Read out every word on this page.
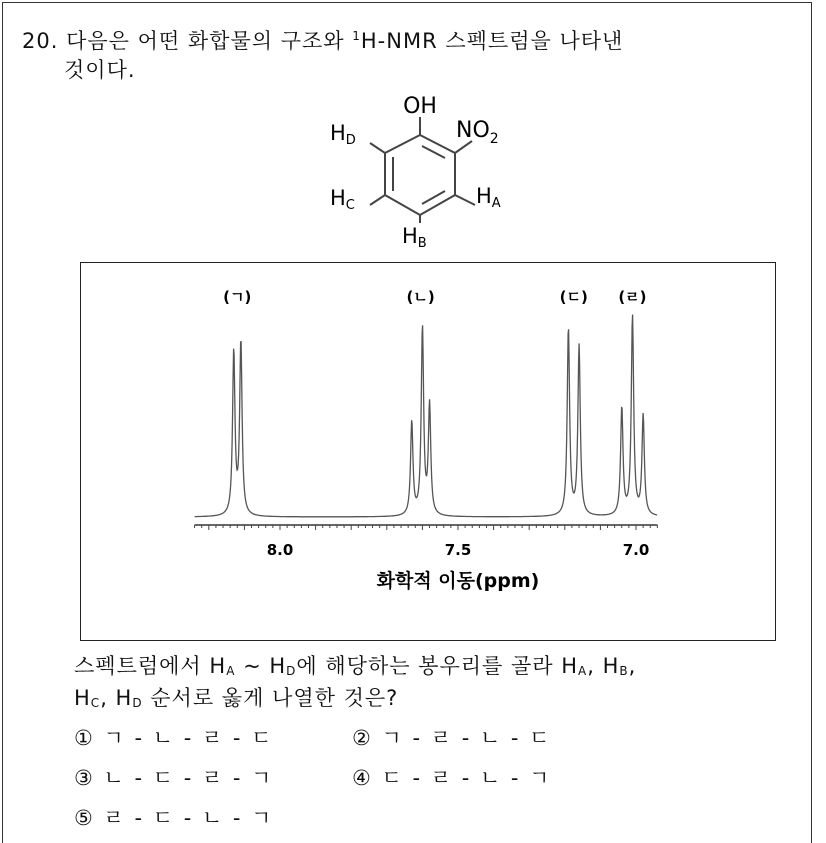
20. 다음은 어떤 화합물의 구조와 $^1$H-NMR 스펙트럼을 나타낸
것이다.
OH
$NO_2$
HA
HB
HC
HD
8.0	7.5	7.0
화학적 이동(ppm)
(ㄱ)	(ㄴ)	(ㄷ) (ㄹ)
스펙트럼에서 HA ~ HD에 해당하는 봉우리를 골라 HA, HB,
HC, HD 순서로 옳게 나열한 것은?
① ㄱ - ㄴ - ㄹ - ㄷ	② ㄱ - ㄹ - ㄴ - ㄷ
③ ㄴ - ㄷ - ㄹ - ㄱ	④ ㄷ - ㄹ - ㄴ - ㄱ
⑤ ㄹ - ㄷ - ㄴ - ㄱ
